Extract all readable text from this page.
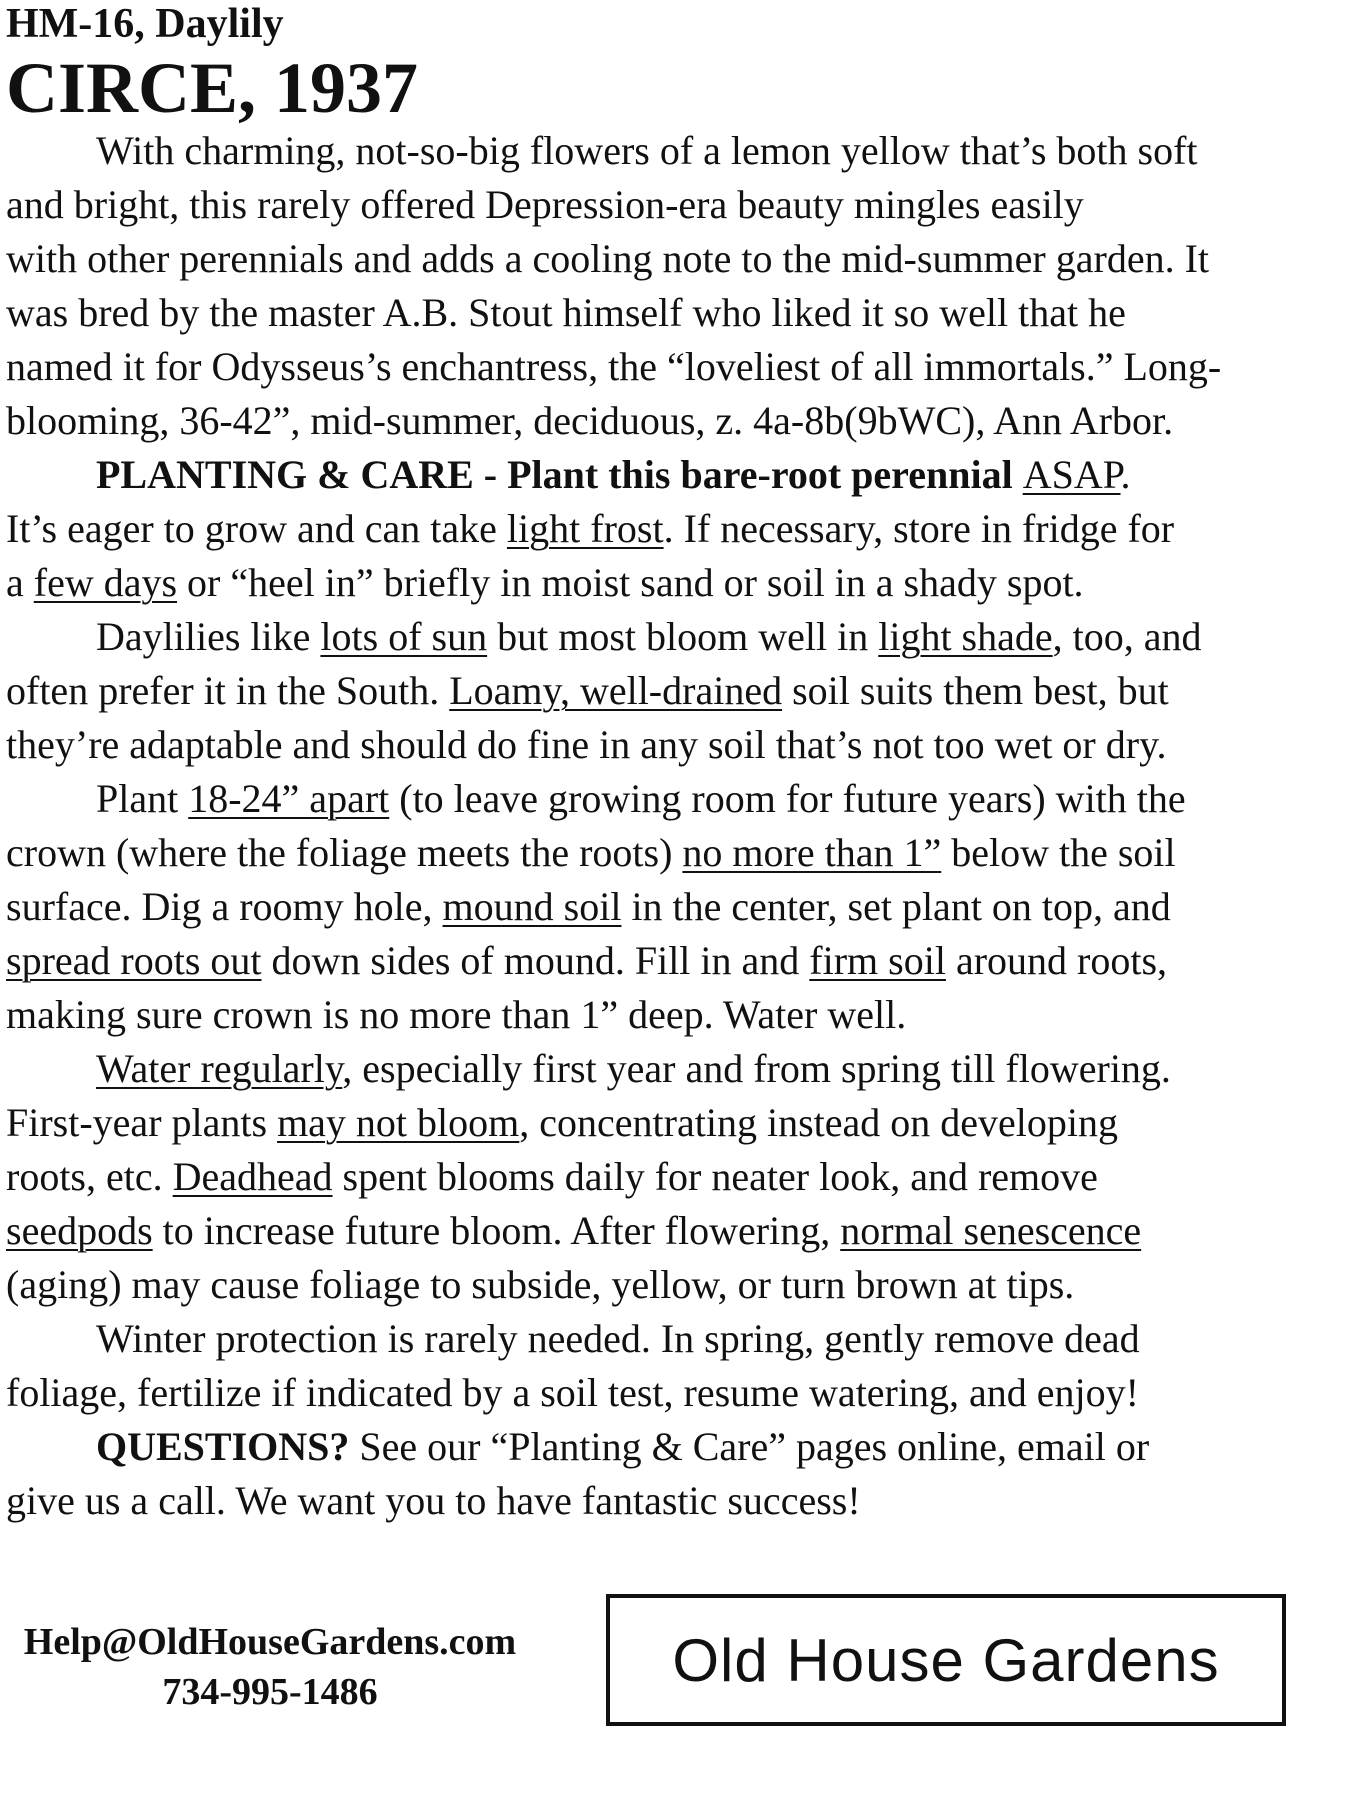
HM-16, Daylily
CIRCE, 1937
With charming, not-so-big flowers of a lemon yellow that’s both soft
and bright, this rarely offered Depression-era beauty mingles easily
with other perennials and adds a cooling note to the mid-summer garden. It
was bred by the master A.B. Stout himself who liked it so well that he
named it for Odysseus’s enchantress, the “loveliest of all immortals.” Long-
blooming, 36-42”, mid-summer, deciduous, z. 4a-8b(9bWC), Ann Arbor.
PLANTING & CARE - Plant this bare-root perennial ASAP.
It’s eager to grow and can take light frost. If necessary, store in fridge for
a few days or “heel in” briefly in moist sand or soil in a shady spot.
Daylilies like lots of sun but most bloom well in light shade, too, and
often prefer it in the South. Loamy, well-drained soil suits them best, but
they’re adaptable and should do fine in any soil that’s not too wet or dry.
Plant 18-24” apart (to leave growing room for future years) with the
crown (where the foliage meets the roots) no more than 1” below the soil
surface. Dig a roomy hole, mound soil in the center, set plant on top, and
spread roots out down sides of mound. Fill in and firm soil around roots,
making sure crown is no more than 1” deep. Water well.
Water regularly, especially first year and from spring till flowering.
First-year plants may not bloom, concentrating instead on developing
roots, etc. Deadhead spent blooms daily for neater look, and remove
seedpods to increase future bloom. After flowering, normal senescence
(aging) may cause foliage to subside, yellow, or turn brown at tips.
Winter protection is rarely needed. In spring, gently remove dead
foliage, fertilize if indicated by a soil test, resume watering, and enjoy!
QUESTIONS? See our “Planting & Care” pages online, email or
give us a call. We want you to have fantastic success!
Help@OldHouseGardens.com
734-995-1486	Old House Gardens
